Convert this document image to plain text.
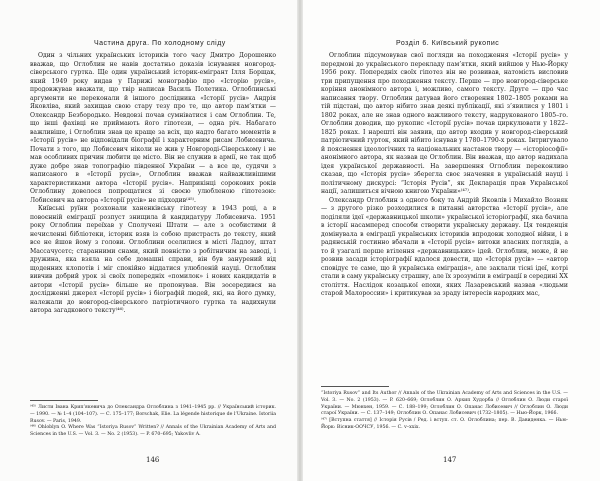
Частина друга. По холодному сліду

Один з чільних українських істориків того часу Дмитро Дорошенко вважав, що Оглоблин не навів достатньо доказів існування новгород-сіверського гуртка. Ще один український історик-емігрант Ілля Борщак, який 1949 року видав у Парижі монографію про «Історію русів», продовжував вважати, що твір написав Василь Полетика. Оглоблинські аргументи не переконали й іншого дослідника «Історії русів» Андрія Яковліва, який захищав свою стару тезу про те, що автор пам’ятки — Олександр Безбородько. Невдовзі почав сумніватися і сам Оглоблин. Те, що інші фахівці не приймають його гіпотези, — одна річ. Набагато важливіше, і Оглоблин знав це краще за всіх, що надто багато моментів в «Історії русів» не відповідали біографії і характерним рисам Лобисевича. Почати з того, що Лобисевич ніколи не жив у Новгороді-Сіверському і не мав особливих причин любити це місто. Він не служив в армії, не так щоб дуже добре знав топографію південної України — а все це, судячи з написаного в «Історії русів», Оглоблин вважав найважливішими характеристиками автора «Історії русів». Наприкінці сорокових років Оглоблину довелося попрощатися зі своєю улюбленою гіпотезою: Лобисевич на автора «Історії русів» не підходив⁽⁴⁵⁾.

Київські руїни розхонали ханенківську гіпотезу в 1943 році, а в повоєнній еміграції розпуст знищила й кандидатуру Лобисевича. 1951 року Оглоблин переїхав у Сполучені Штати — але з особистими й нечисленні бібліотеки, історик взяв із собою пристрасть до тексту, який все не йшов йому з голови. Оглоблини оселилися в місті Ладлоу, штат Массачусетс; старанними снами, який повністю з робітничим на заводі, і дружина, яка взяла на себе домашні справи, він був занурений від щоденних клопотів і міг спокійно віддатися улюбленій науці. Оглоблин вивчив добрий урок зі своїх попередніх «помилок» і нових кандидатів в автори «Історії русів» більше не пропонував. Він зосередився на дослідженні джерел «Історії русів» і біографій людей, які, на його думку, належали до новгород-сіверського патріотичного гуртка та надихнули автора загадкового тексту⁽⁴⁶⁾.

⁽⁴⁵⁾ Листи Івана Крип’якевича до Олександра Оглоблина з 1941–1945 рр. // Український історик. — 1990. — № 1–4 (104–107). — С. 175–177; Borschak, Elie. La légende historique de l’Ukraine. Istoriia Rusov. — Paris, 1949.

⁽⁴⁶⁾ Ohloblyn O. Where Was “Istoriya Rusov” Written? // Annals of the Ukrainian Academy of Arts and Sciences in the U.S. — Vol. 3. — No. 2 (1953). — P. 670–695; Yakovliv A.

146
Розділ 6. Київський рукопис

Оглоблин підсумовував свої погляди на походження «Історії русів» у передмові до українського перекладу пам’ятки, який вийшов у Нью-Йорку 1956 року. Попередніх своїх гіпотез він не розвивав, натомість висловив три припущення про походження тексту. Перше — про новгород-сіверське коріння анонімного автора і, можливо, самого тексту. Друге — про час написання твору. Оглоблин датував його створення 1802–1805 роками на тій підставі, що автор нібито знав деякі публікації, які з’явилися у 1801 і 1802 роках, але не знав одного важливого тексту, надрукованого 1805–го. Оглоблин доводив, що рукопис «Історії русів» почав циркулювати у 1822–1825 роках. І нарешті він заявив, що автор входив у новгород-сіверський патріотичний гурток, який нібито існував у 1780–1790-х роках. Інтригувало й пояснення ідеологічних та національних настанов твору — «історіософії» анонімного автора, як назвав це Оглоблин. Він вважав, що автор надихала ідея української державності. На завершення Оглоблин переконливо сказав, що «Історія русів» зберегла своє значення в українській науці і політичному дискурсі: “Історія Русів”, як Декларація прав Української нації, залишиться вічною книгою України»⁽⁴⁷⁾.

Олександр Оглоблин з одного боку та Андрій Яковлів і Михайло Возняк — з другого різко розходилися в питанні авторства «Історії русів», але поділяли ідеї «державницької школи» української історіографії, яка бачила в історії насамперед способи створити українську державу. Ця тенденція домінувала в еміграції українських істориків впродовж холодної війни, і в радянській гостинно вбачали в «Історії русів» витоки власних поглядів, а то й узагалі перше втілення «державницьких» ідей. Оглоблин, може, й не розвив засади історіографії вдалося довести, що «Історія русів» — «автор сповідує те саме, що й українська еміграція», але заклали тісні ідеї, котрі стали в саму українську страшну, але їх зрозуміли в еміграції в середині XX століття. Наслідок козацької епохи, яких Лазаревський назвав «людьми старой Малороссии» і критикував за зраду інтересів народних мас,

“Istoriya Rusov” and Its Author // Annals of the Ukrainian Academy of Arts and Sciences in the U.S. — Vol. 3. — No. 2 (1953). — P. 620–669; Оглоблин О. Архип Худорба // Оглоблин О. Люди старої України. — Мюнхен, 1959. — С. 188–199; Оглоблин О. Опанас Лобисевич // Оглоблин О. Люди старої України. — С. 137–149; Оглоблин О. Опанас Лобисевич (1732–1805). — Нью-Йорк, 1966.

⁽⁴⁷⁾ [Вступна стаття] // Історія Русів / Ред. і вступ. ст. О. Оглоблина; пер. В. Давиденка. — Нью-Йорк: Вісник-ООЧСУ, 1956. — С. v–xxix.

147
